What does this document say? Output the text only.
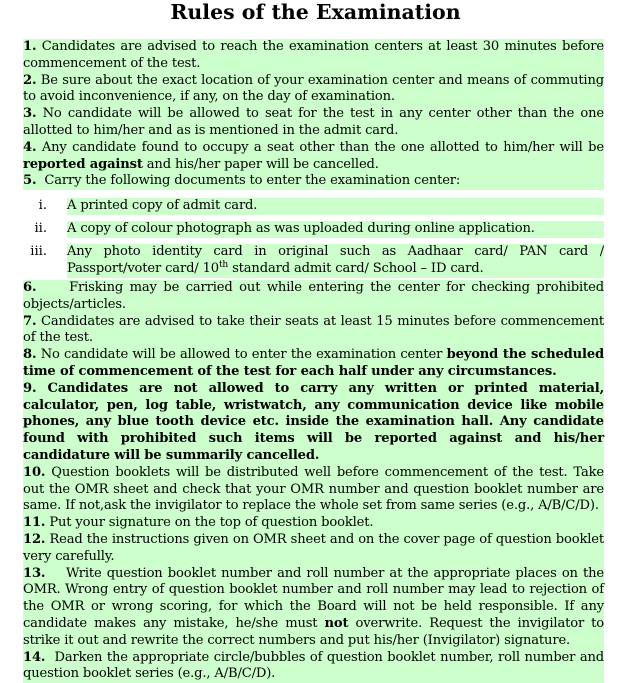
Rules of the Examination

1. Candidates are advised to reach the examination centers at least 30 minutes before commencement of the test.

2. Be sure about the exact location of your examination center and means of commuting to avoid inconvenience, if any, on the day of examination.

3. No candidate will be allowed to seat for the test in any center other than the one allotted to him/her and as is mentioned in the admit card.

4. Any candidate found to occupy a seat other than the one allotted to him/her will be reported against and his/her paper will be cancelled.

5. Carry the following documents to enter the examination center:

i. A printed copy of admit card.
ii. A copy of colour photograph as was uploaded during online application.
iii. Any photo identity card in original such as Aadhaar card/ PAN card / Passport/voter card/ 10th standard admit card/ School – ID card.

6. Frisking may be carried out while entering the center for checking prohibited objects/articles.

7. Candidates are advised to take their seats at least 15 minutes before commencement of the test.

8. No candidate will be allowed to enter the examination center beyond the scheduled time of commencement of the test for each half under any circumstances.

9. Candidates are not allowed to carry any written or printed material, calculator, pen, log table, wristwatch, any communication device like mobile phones, any blue tooth device etc. inside the examination hall. Any candidate found with prohibited such items will be reported against and his/her candidature will be summarily cancelled.

10. Question booklets will be distributed well before commencement of the test. Take out the OMR sheet and check that your OMR number and question booklet number are same. If not,ask the invigilator to replace the whole set from same series (e.g., A/B/C/D).

11. Put your signature on the top of question booklet.

12. Read the instructions given on OMR sheet and on the cover page of question booklet very carefully.

13. Write question booklet number and roll number at the appropriate places on the OMR. Wrong entry of question booklet number and roll number may lead to rejection of the OMR or wrong scoring, for which the Board will not be held responsible. If any candidate makes any mistake, he/she must not overwrite. Request the invigilator to strike it out and rewrite the correct numbers and put his/her (Invigilator) signature.

14. Darken the appropriate circle/bubbles of question booklet number, roll number and question booklet series (e.g., A/B/C/D).
